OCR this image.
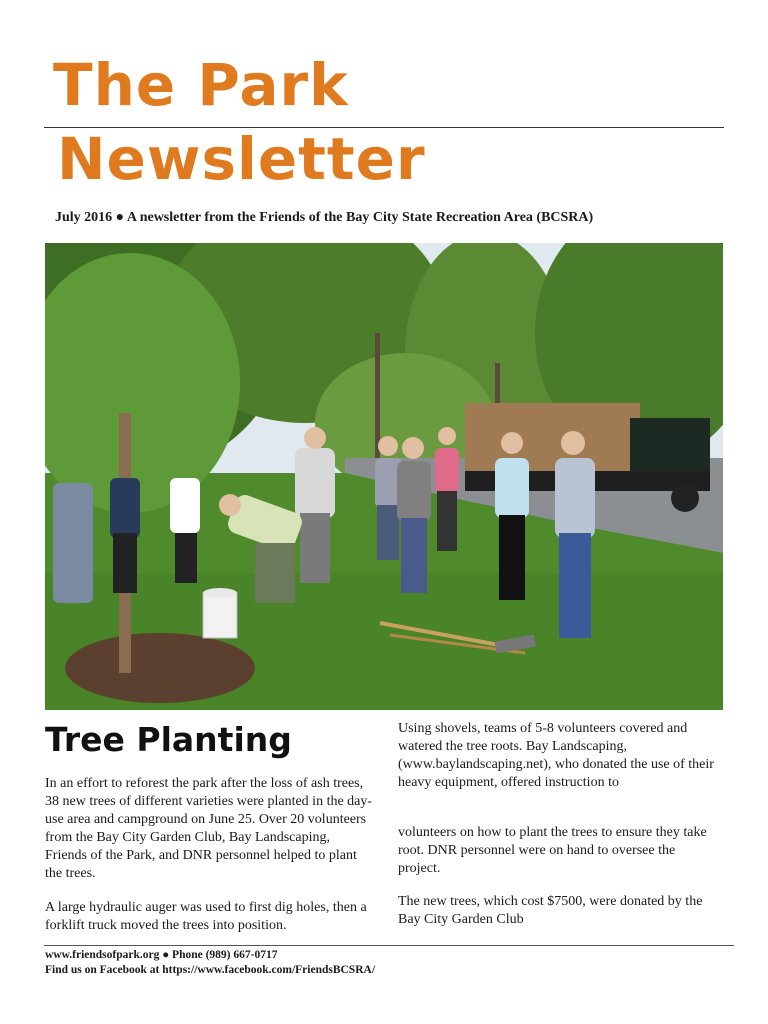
The Park
Newsletter
July 2016 ● A newsletter from the Friends of the Bay City State Recreation Area (BCSRA)
Tree Planting

In an effort to reforest the park after the loss of ash trees, 38 new trees of different varieties were planted in the day-use area and campground on June 25. Over 20 volunteers from the Bay City Garden Club, Bay Landscaping, Friends of the Park, and DNR personnel helped to plant the trees.

A large hydraulic auger was used to first dig holes, then a forklift truck moved the trees into position.

Using shovels, teams of 5-8 volunteers covered and watered the tree roots. Bay Landscaping, (www.baylandscaping.net), who donated the use of their heavy equipment, offered instruction to

volunteers on how to plant the trees to ensure they take root. DNR personnel were on hand to oversee the project.

The new trees, which cost $7500, were donated by the Bay City Garden Club

www.friendsofpark.org ● Phone (989) 667-0717
Find us on Facebook at https://www.facebook.com/FriendsBCSRA/
